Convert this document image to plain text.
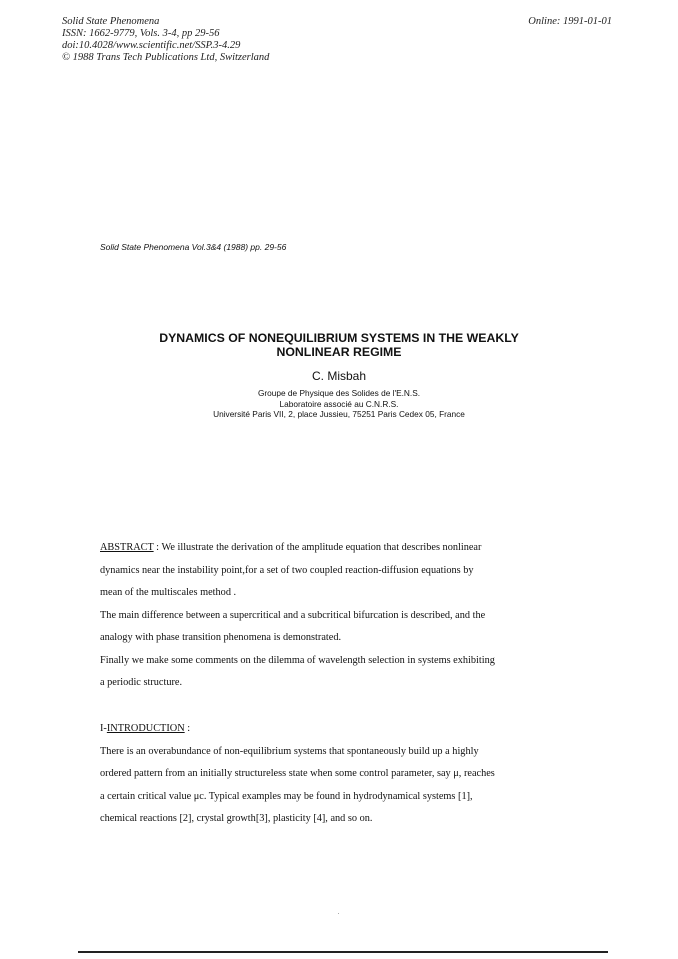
Solid State Phenomena
ISSN: 1662-9779, Vols. 3-4, pp 29-56
doi:10.4028/www.scientific.net/SSP.3-4.29
© 1988 Trans Tech Publications Ltd, Switzerland
Online: 1991-01-01
Solid State Phenomena Vol.3&4 (1988) pp. 29-56
DYNAMICS OF NONEQUILIBRIUM SYSTEMS IN THE WEAKLY
NONLINEAR REGIME
C. Misbah
Groupe de Physique des Solides de l'E.N.S.
Laboratoire associé au C.N.R.S.
Université Paris VII, 2, place Jussieu, 75251 Paris Cedex 05, France
ABSTRACT : We illustrate the derivation of the amplitude equation that describes nonlinear
dynamics near the instability point,for a set of two coupled reaction-diffusion equations by
mean of the multiscales method .
The main difference between a supercritical and a subcritical bifurcation is described, and the
analogy with phase transition phenomena is demonstrated.
Finally we make some comments on the dilemma of wavelength selection in systems exhibiting
a periodic structure.
I-INTRODUCTION :
There is an overabundance of non-equilibrium systems that spontaneously build up a highly
ordered pattern from an initially structureless state when some control parameter, say μ, reaches
a certain critical value μc. Typical examples may be found in hydrodynamical systems [1],
chemical reactions [2], crystal growth[3], plasticity [4], and so on.
